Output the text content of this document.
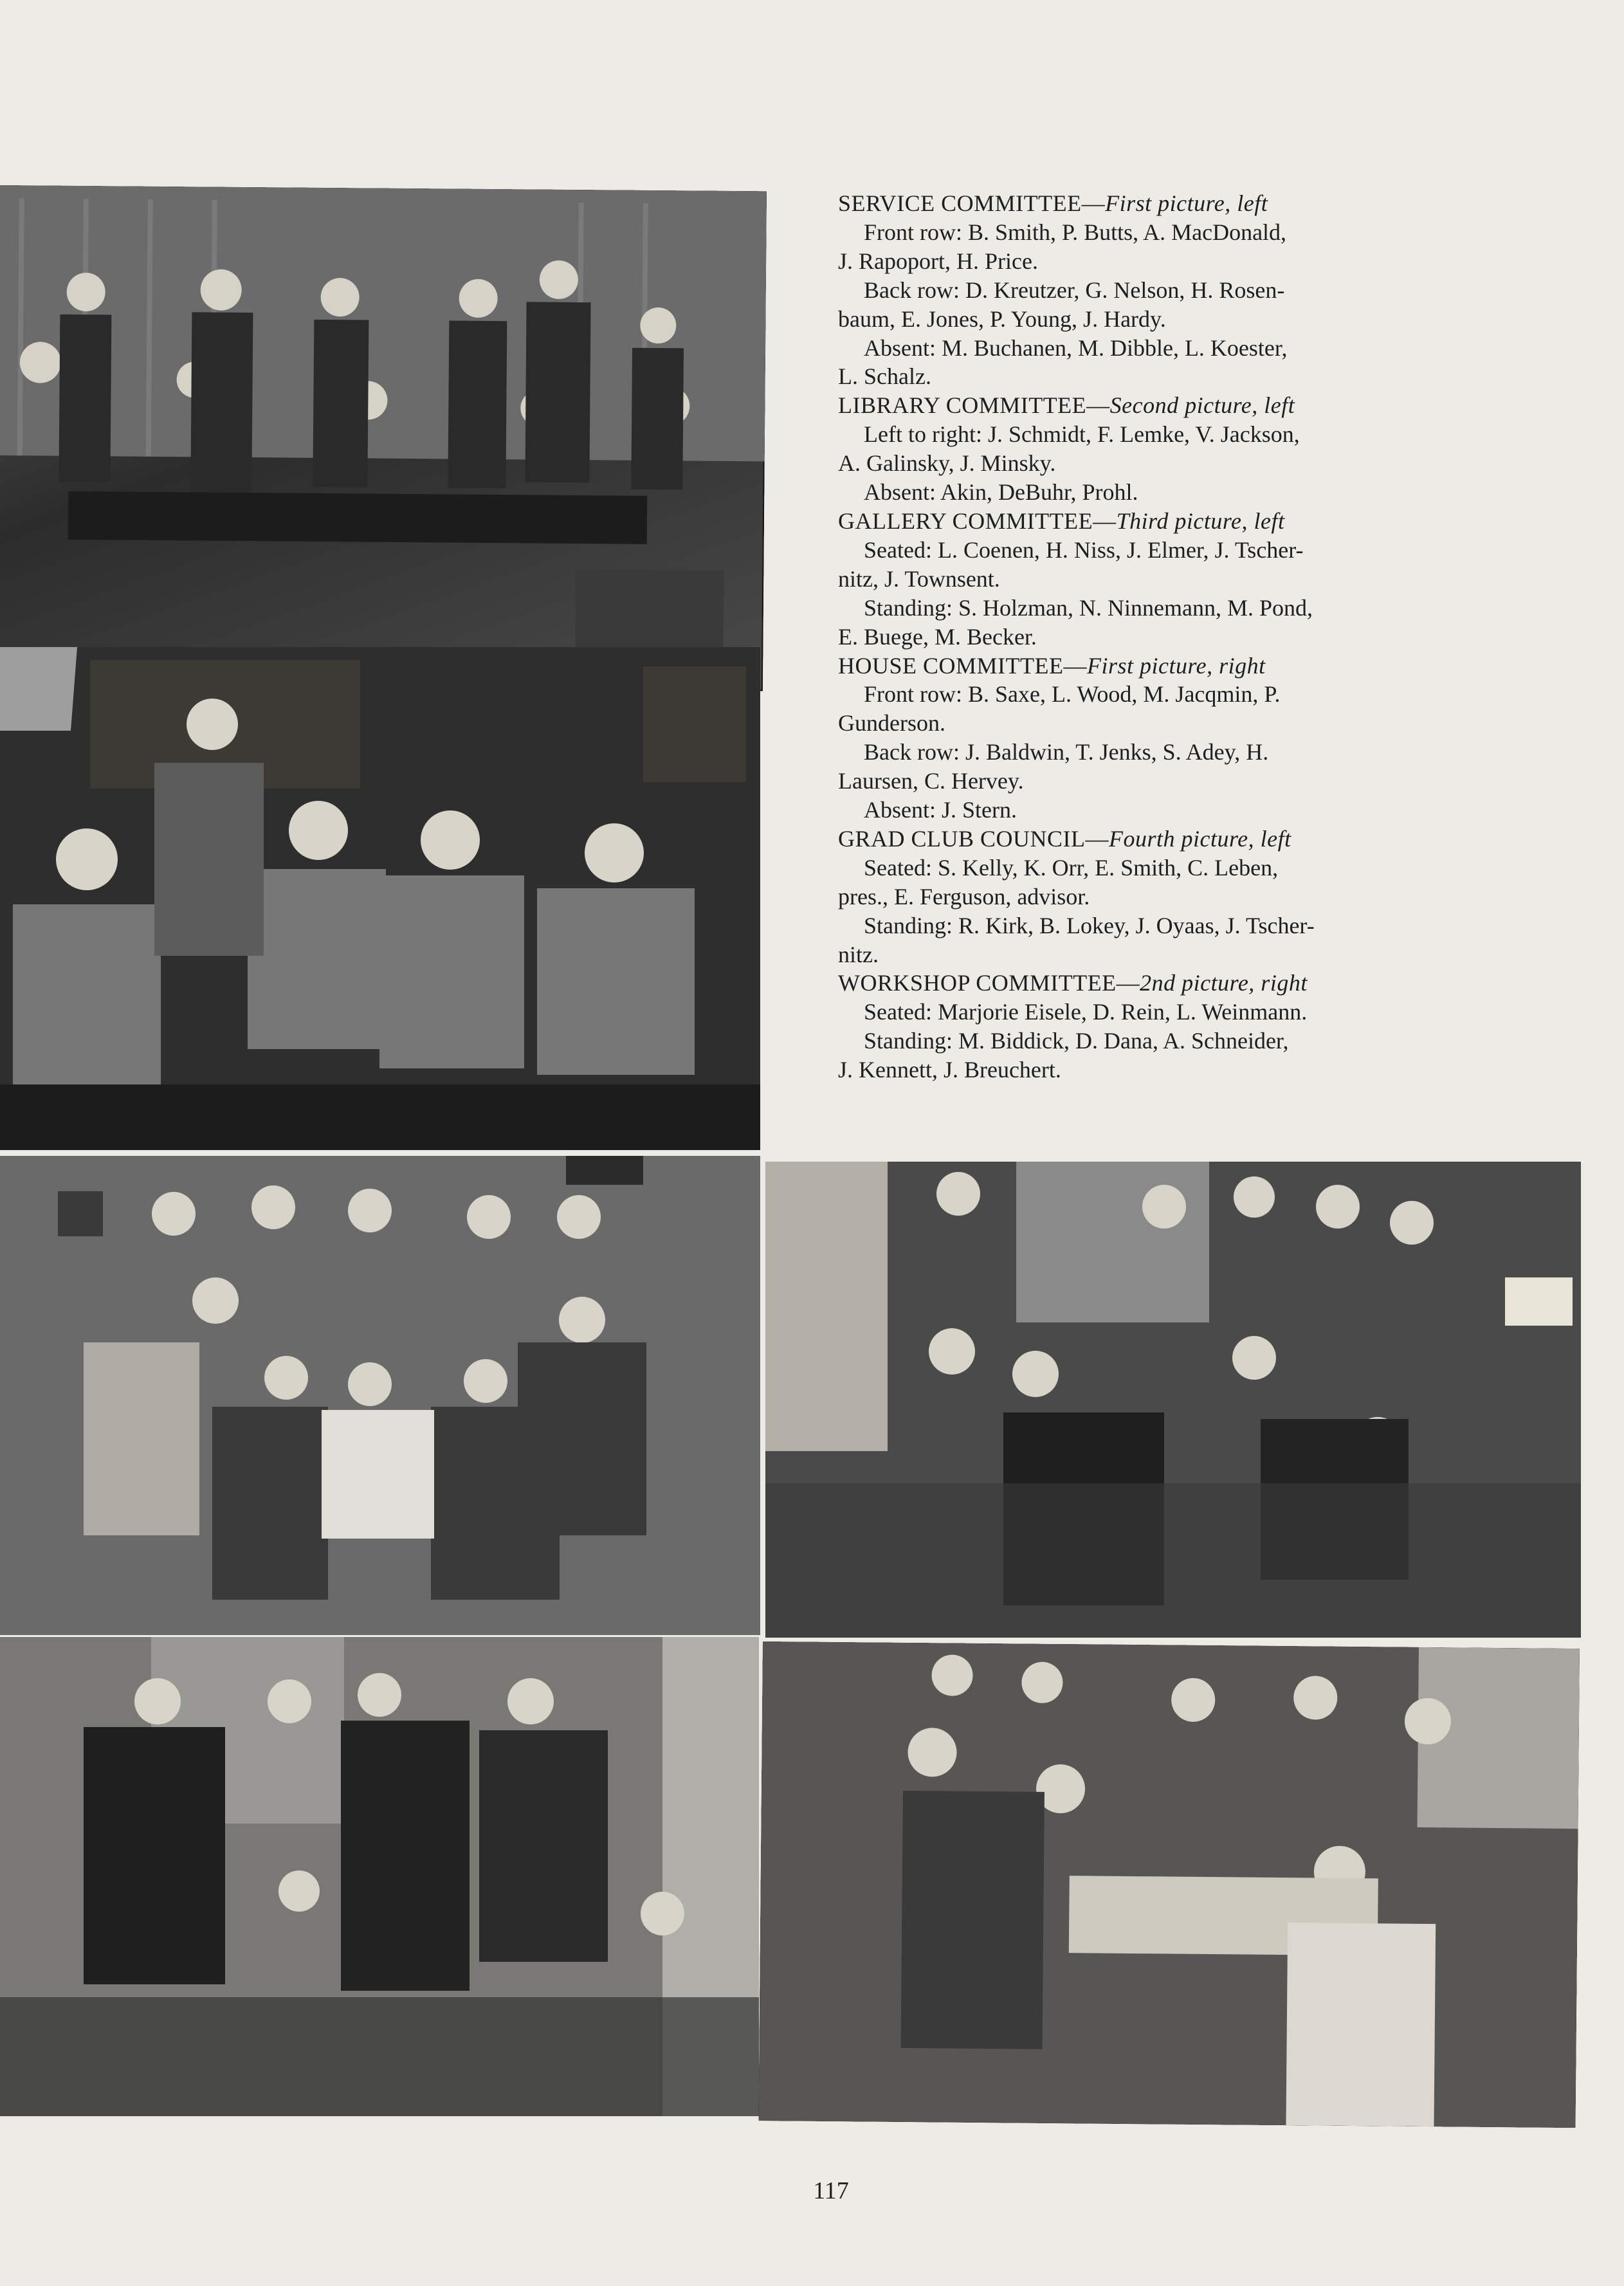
SERVICE COMMITTEE—First picture, left
Front row: B. Smith, P. Butts, A. MacDonald,
J. Rapoport, H. Price.
Back row: D. Kreutzer, G. Nelson, H. Rosen-
baum, E. Jones, P. Young, J. Hardy.
Absent: M. Buchanen, M. Dibble, L. Koester,
L. Schalz.
LIBRARY COMMITTEE—Second picture, left
Left to right: J. Schmidt, F. Lemke, V. Jackson,
A. Galinsky, J. Minsky.
Absent: Akin, DeBuhr, Prohl.
GALLERY COMMITTEE—Third picture, left
Seated: L. Coenen, H. Niss, J. Elmer, J. Tscher-
nitz, J. Townsent.
Standing: S. Holzman, N. Ninnemann, M. Pond,
E. Buege, M. Becker.
HOUSE COMMITTEE—First picture, right
Front row: B. Saxe, L. Wood, M. Jacqmin, P.
Gunderson.
Back row: J. Baldwin, T. Jenks, S. Adey, H.
Laursen, C. Hervey.
Absent: J. Stern.
GRAD CLUB COUNCIL—Fourth picture, left
Seated: S. Kelly, K. Orr, E. Smith, C. Leben,
pres., E. Ferguson, advisor.
Standing: R. Kirk, B. Lokey, J. Oyaas, J. Tscher-
nitz.
WORKSHOP COMMITTEE—2nd picture, right
Seated: Marjorie Eisele, D. Rein, L. Weinmann.
Standing: M. Biddick, D. Dana, A. Schneider,
J. Kennett, J. Breuchert.
117
